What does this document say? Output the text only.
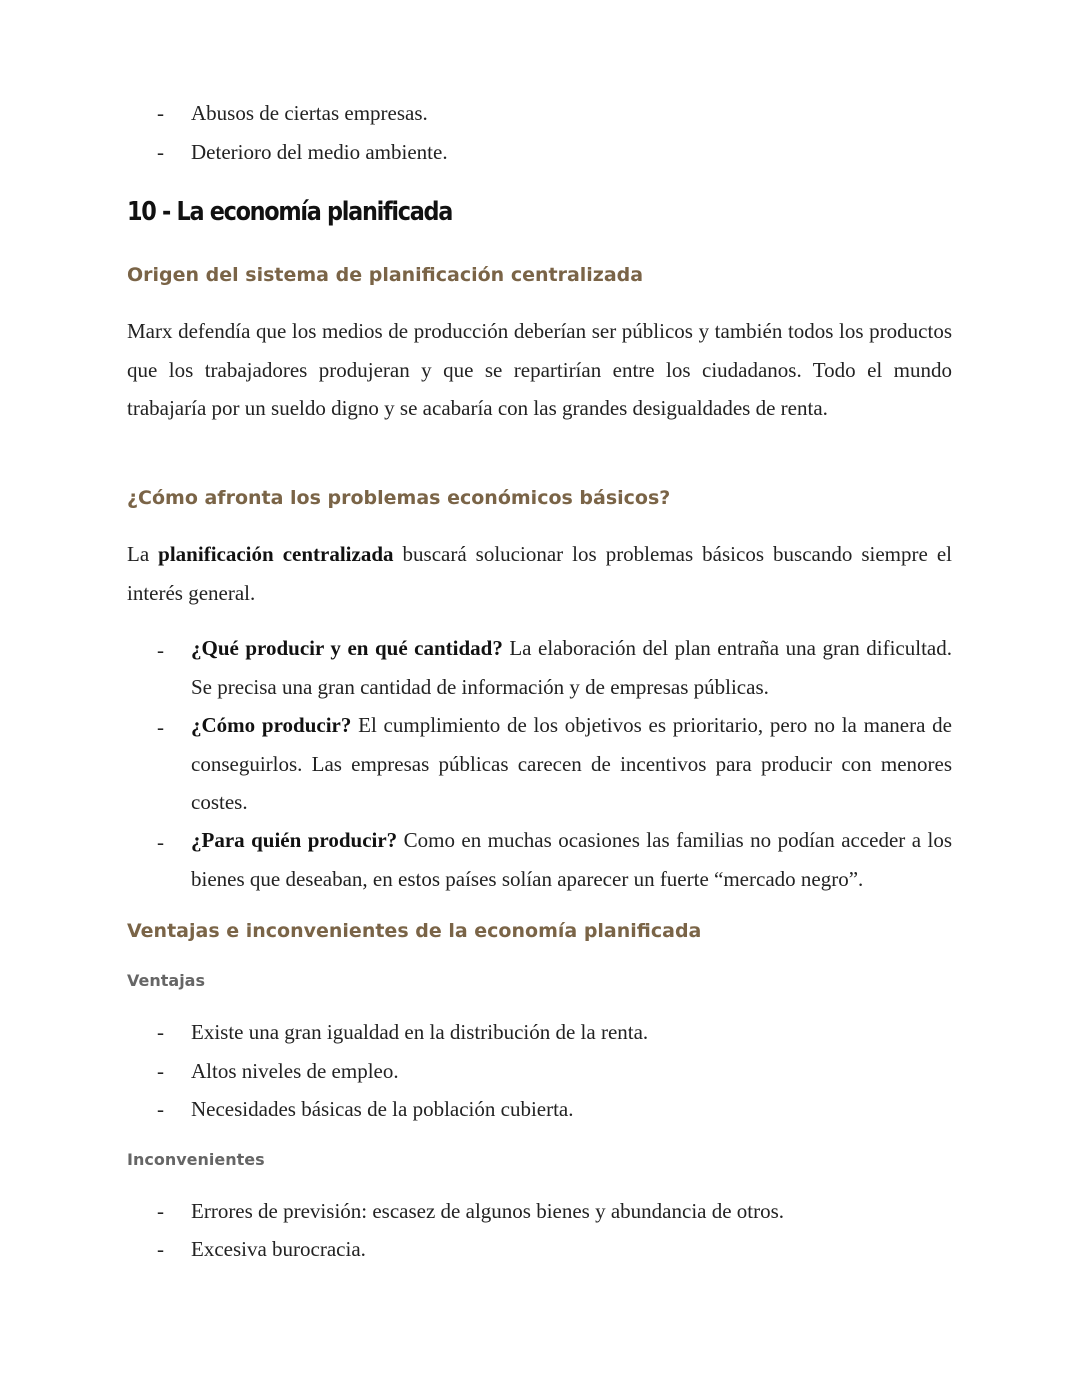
- Abusos de ciertas empresas.
- Deterioro del medio ambiente.
10 - La economía planificada
Origen del sistema de planificación centralizada
Marx defendía que los medios de producción deberían ser públicos y también todos los productos que los trabajadores produjeran y que se repartirían entre los ciudadanos. Todo el mundo trabajaría por un sueldo digno y se acabaría con las grandes desigualdades de renta.
¿Cómo afronta los problemas económicos básicos?
La planificación centralizada buscará solucionar los problemas básicos buscando siempre el interés general.
- ¿Qué producir y en qué cantidad? La elaboración del plan entraña una gran dificultad. Se precisa una gran cantidad de información y de empresas públicas.
- ¿Cómo producir? El cumplimiento de los objetivos es prioritario, pero no la manera de conseguirlos. Las empresas públicas carecen de incentivos para producir con menores costes.
- ¿Para quién producir? Como en muchas ocasiones las familias no podían acceder a los bienes que deseaban, en estos países solían aparecer un fuerte “mercado negro”.
Ventajas e inconvenientes de la economía planificada
Ventajas
- Existe una gran igualdad en la distribución de la renta.
- Altos niveles de empleo.
- Necesidades básicas de la población cubierta.
Inconvenientes
- Errores de previsión: escasez de algunos bienes y abundancia de otros.
- Excesiva burocracia.
